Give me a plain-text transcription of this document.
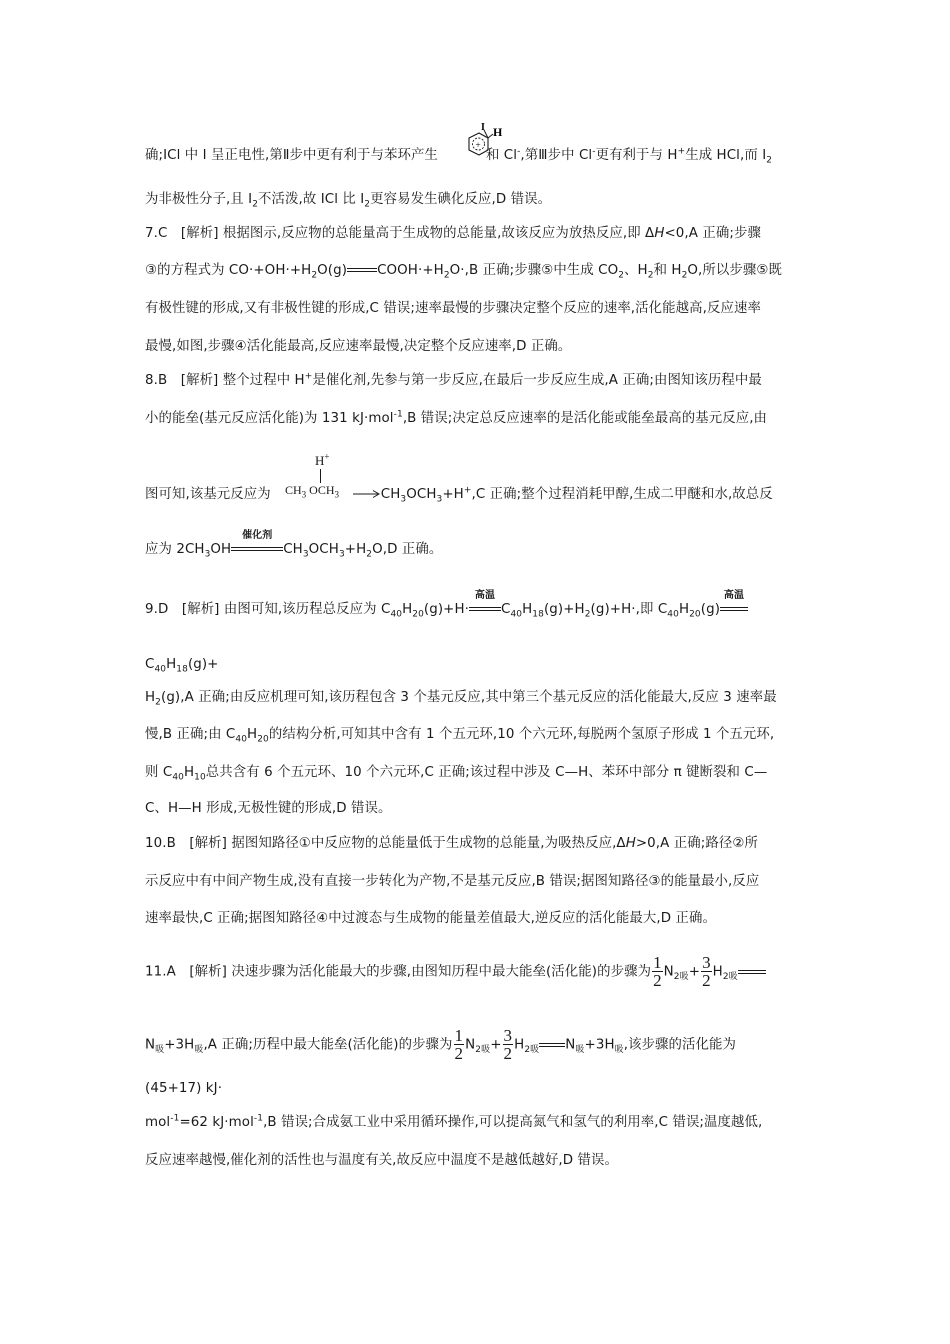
确;ICl 中 I 呈正电性,第Ⅱ步中更有利于与苯环产生	和 Cl-,第Ⅲ步中 Cl-更有利于与 H+生成 HCl,而 $I_2$
+
I H
为非极性分子,且 $I_2$不活泼,故 ICl 比 $I_2$更容易发生碘化反应,D 错误。
7.C　[解析] 根据图示,反应物的总能量高于生成物的总能量,故该反应为放热反应,即 ΔH<0,A 正确;步骤
③的方程式为 $CO\cdot+OH\cdot+H_2O(g)$ $COOH\cdot+H_2O\cdot,B$ 正确;步骤⑤中生成 $CO_2$、$H_2$和 $H_2O$,所以步骤⑤既
有极性键的形成,又有非极性键的形成,C 错误;速率最慢的步骤决定整个反应的速率,活化能越高,反应速率
最慢,如图,步骤④活化能最高,反应速率最慢,决定整个反应速率,D 正确。
8.B　[解析] 整个过程中 H+是催化剂,先参与第一步反应,在最后一步反应生成,A 正确;由图知该历程中最
小的能垒(基元反应活化能)为 131 kJ·mol$^{-1}$,B 错误;决定总反应速率的是活化能或能垒最高的基元反应,由
H+
$CH_3$ $OCH_3$
图可知,该基元反应为	$CH_3OCH_3+H^+,C$ 正确;整个过程消耗甲醇,生成二甲醚和水,故总反
应为 $2CH_3OH$
催化剂
$CH_3OCH_3+H_2O,D$ 正确。
9.D　[解析] 由图可知,该历程总反应为 $C_{40}H_{20}(g)+H\cdot$
高温
$C_{40}H_{18}(g)+H_2(g)+H\cdot$,即 $C_{40}H_{20}(g)$
高温
$C_{40}H_{18}(g)+$
$H_2(g),A$ 正确;由反应机理可知,该历程包含 3 个基元反应,其中第三个基元反应的活化能最大,反应 3 速率最
慢,B 正确;由 $C_{40}H_{20}$的结构分析,可知其中含有 1 个五元环,10 个六元环,每脱两个氢原子形成 1 个五元环,
则 $C_{40}H_{10}$总共含有 6 个五元环、10 个六元环,C 正确;该过程中涉及 C—H、苯环中部分 π 键断裂和 C—
C、H—H 形成,无极性键的形成,D 错误。
10.B　[解析] 据图知路径①中反应物的总能量低于生成物的总能量,为吸热反应,ΔH>0,A 正确;路径②所
示反应中有中间产物生成,没有直接一步转化为产物,不是基元反应,B 错误;据图知路径③的能量最小,反应
速率最快,C 正确;据图知路径④中过渡态与生成物的能量差值最大,逆反应的活化能最大,D 正确。
11.A　[解析] 决速步骤为活化能最大的步骤,由图知历程中最大能垒(活化能)的步骤为 $\frac{1}{2} N_{2吸}+ \frac{3}{2} H_{2吸}$
$N_吸+3H_吸,A$ 正确;历程中最大能垒(活化能)的步骤为 $\frac{1}{2} N_{2吸}+ \frac{3}{2} H_{2吸}$ $N_吸+3H_吸$,该步骤的活化能为
(45+17) kJ·
mol$^{-1}$=62 kJ·mol$^{-1}$,B 错误;合成氨工业中采用循环操作,可以提高氮气和氢气的利用率,C 错误;温度越低,
反应速率越慢,催化剂的活性也与温度有关,故反应中温度不是越低越好,D 错误。
